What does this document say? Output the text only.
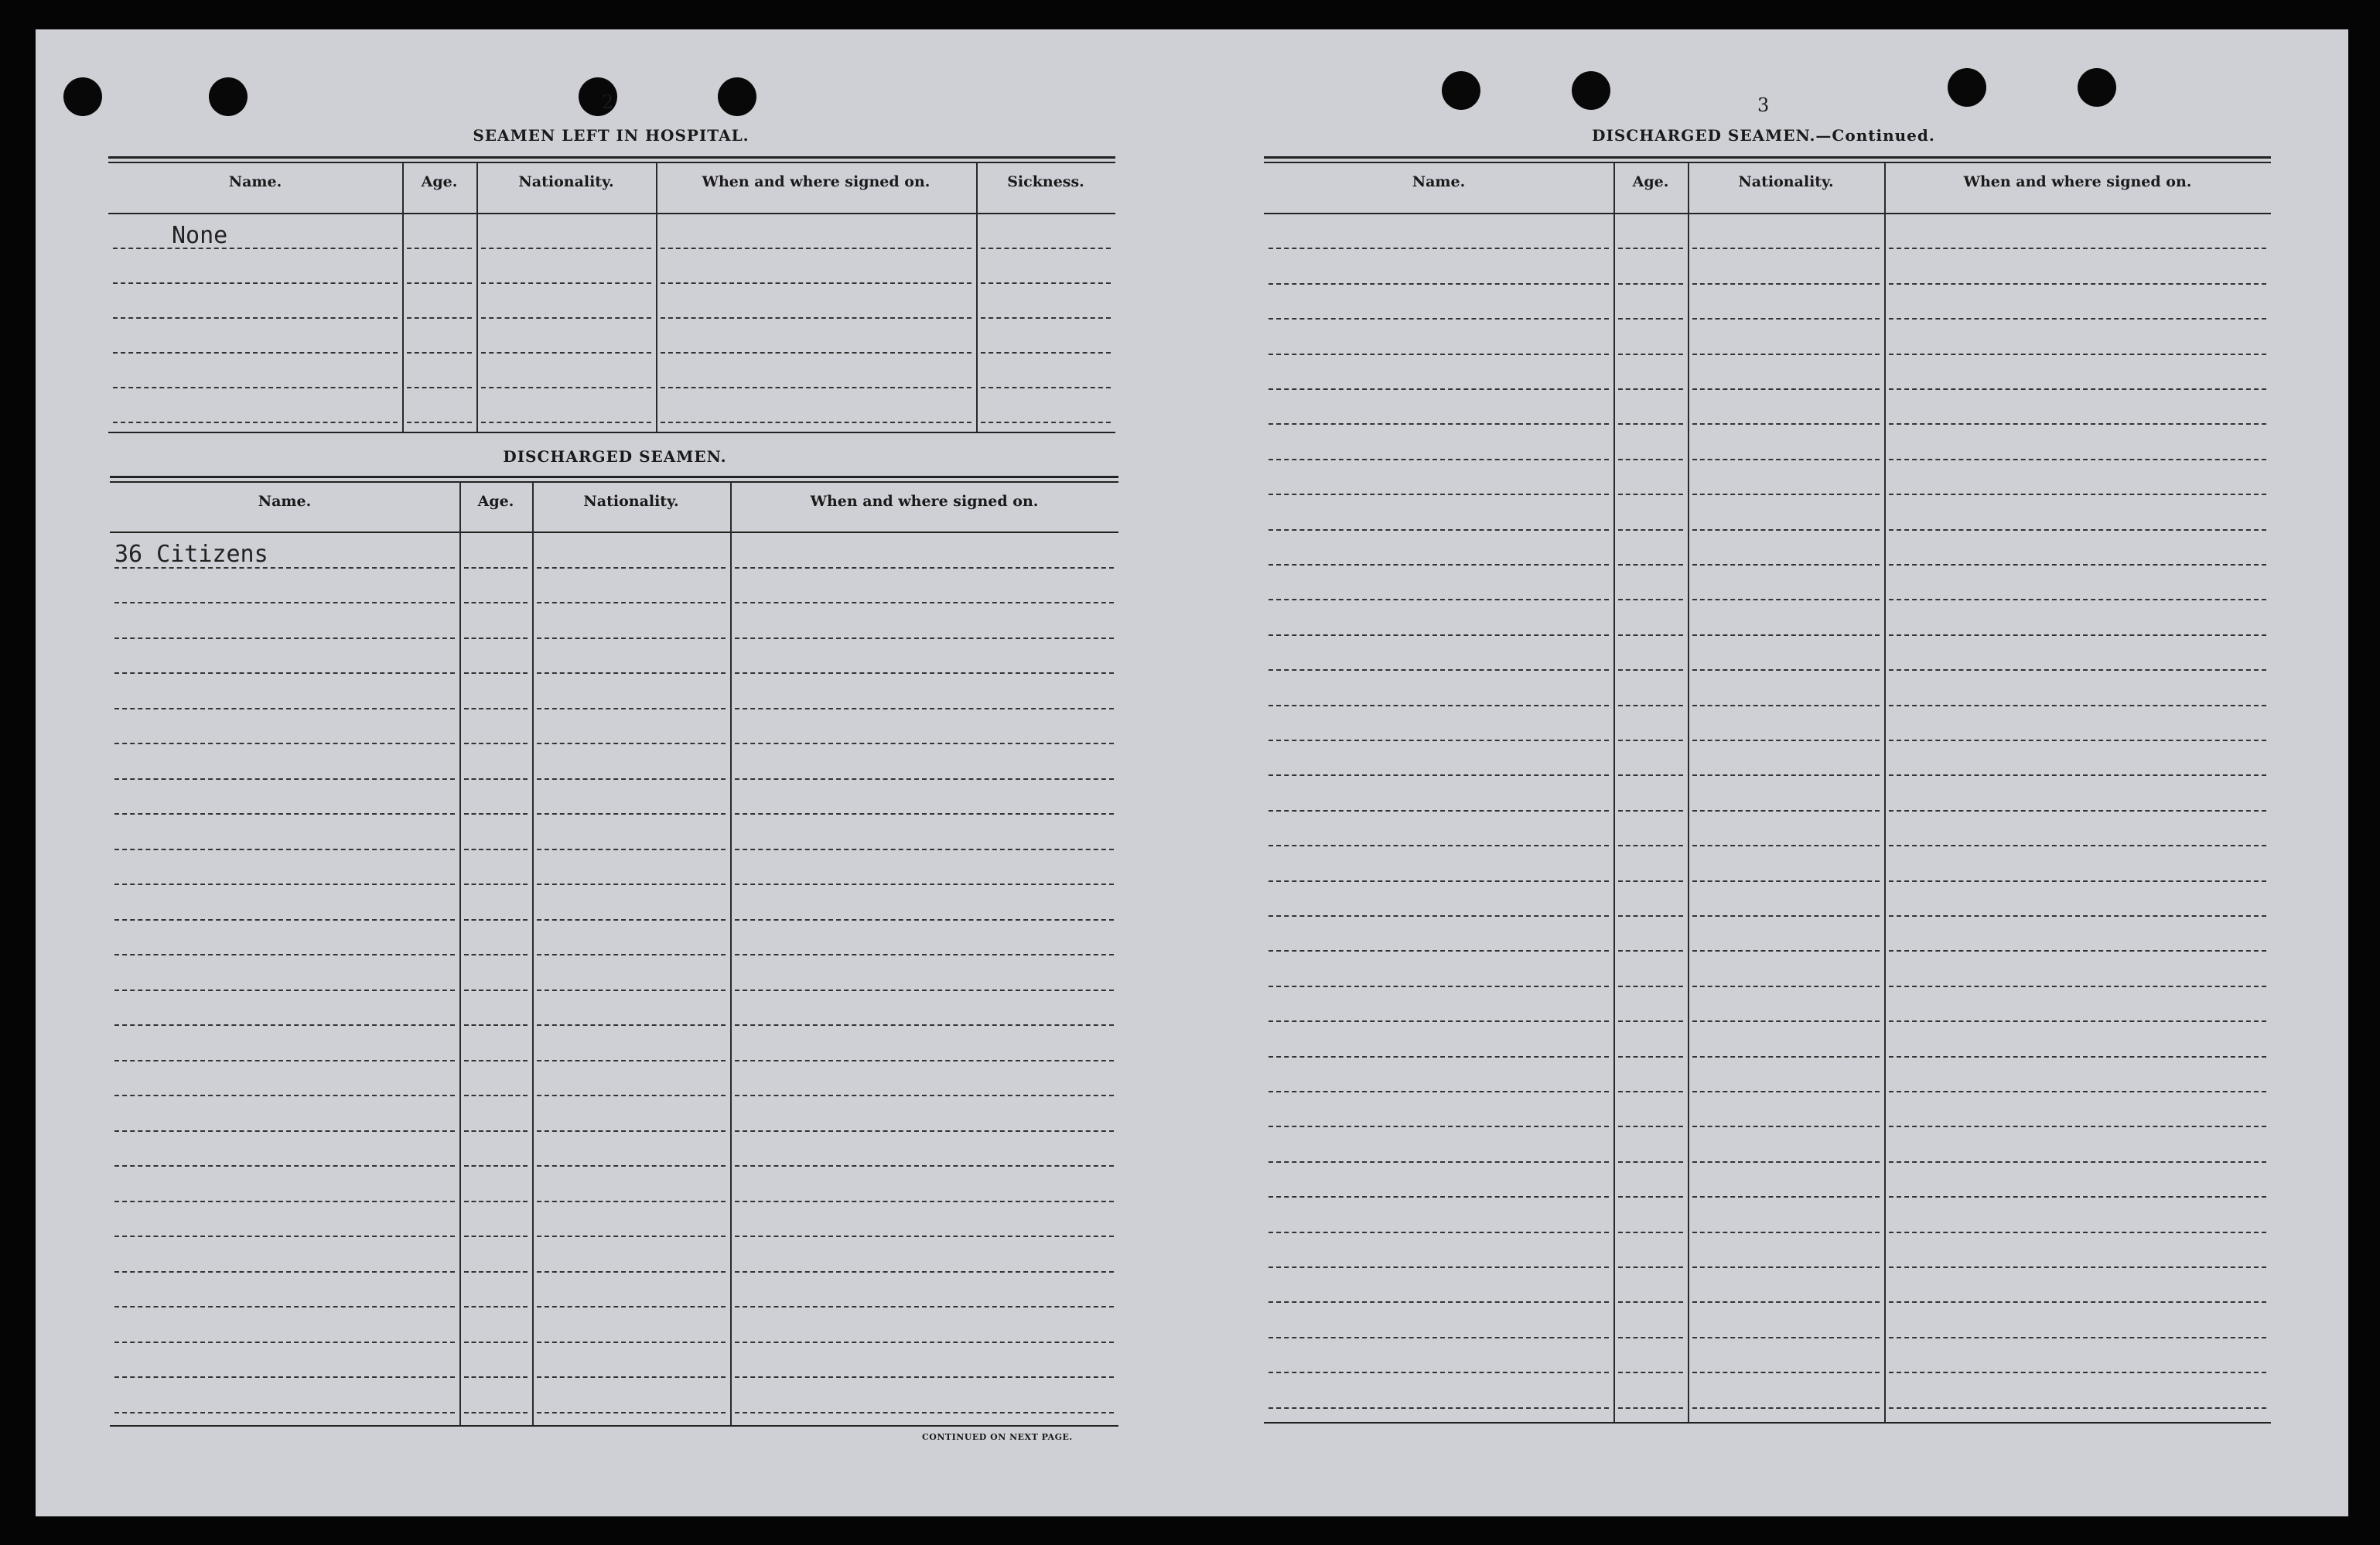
2
SEAMEN LEFT IN HOSPITAL.
Name.	Age.	Nationality.	When and where signed on.	Sickness.
None
DISCHARGED SEAMEN.
Name.	Age.	Nationality.	When and where signed on.
36 Citizens
CONTINUED ON NEXT PAGE.
3
DISCHARGED SEAMEN.—Continued.
Name.	Age.	Nationality.	When and where signed on.
